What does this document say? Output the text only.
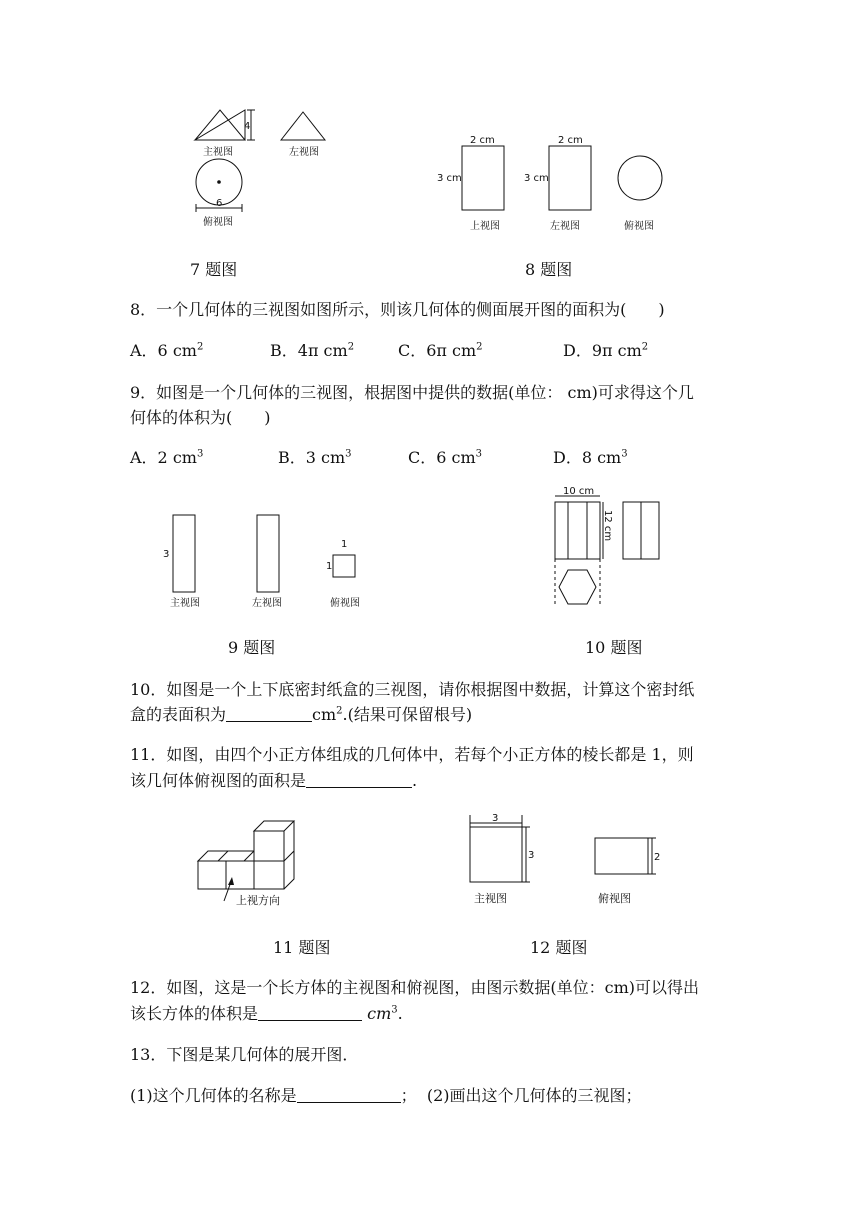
4
主视图	左视图
6
俯视图
7 题图
2 cm
3 cm
上视图
2 cm
3 cm
左视图	俯视图
8 题图
8．一个几何体的三视图如图所示，则该几何体的侧面展开图的面积为(　　)
A．6 $cm^2$	B．4π $cm^2$	C．6π $cm^2$	D．9π $cm^2$
9．如图是一个几何体的三视图，根据图中提供的数据(单位： cm)可求得这个几
何体的体积为(　　)
A．2 $cm^3$	B．3 $cm^3$	C．6 $cm^3$	D．8 $cm^3$
3
主视图	左视图
1
1
俯视图
9 题图
10 cm
12 cm
10 题图
10．如图是一个上下底密封纸盒的三视图，请你根据图中数据，计算这个密封纸
盒的表面积为	$cm^2$.(结果可保留根号)
11．如图，由四个小正方体组成的几何体中，若每个小正方体的棱长都是 1，则
该几何体俯视图的面积是	.
上视方向
11 题图
3
3
主视图
2
俯视图
12 题图
12．如图，这是一个长方体的主视图和俯视图，由图示数据(单位：cm)可以得出
该长方体的体积是	$cm^3$.
13．下图是某几何体的展开图．
(1)这个几何体的名称是	； (2)画出这个几何体的三视图；
